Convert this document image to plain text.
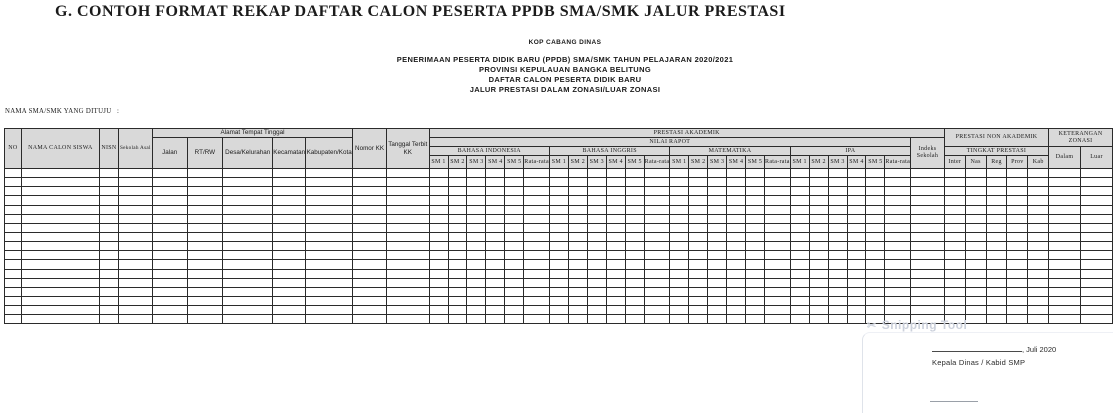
G. CONTOH FORMAT REKAP DAFTAR CALON PESERTA PPDB SMA/SMK JALUR PRESTASI
KOP CABANG DINAS
PENERIMAAN PESERTA DIDIK BARU (PPDB) SMA/SMK TAHUN PELAJARAN 2020/2021
PROVINSI KEPULAUAN BANGKA BELITUNG
DAFTAR CALON PESERTA DIDIK BARU
JALUR PRESTASI DALAM ZONASI/LUAR ZONASI
NAMA SMA/SMK YANG DITUJU :
NO	NAMA CALON SISWA	NISN	Sekolah Asal	Alamat Tempat Tinggal					Nomor KK	Tanggal Terbit KK	PRESTASI AKADEMIK																									PRESTASI NON AKADEMIK					KETERANGAN ZONASI	
				Jalan	RT/RW	Desa/Kelurahan	Kecamatan	Kabupaten/Kota			NILAI RAPOT																								Indeks Sekolah							
											BAHASA INDONESIA						BAHASA INGGRIS						MATEMATIKA						IPA							TINGKAT PRESTASI					Dalam	Luar
											SM 1	SM 2	SM 3	SM 4	SM 5	Rata-rata	SM 1	SM 2	SM 3	SM 4	SM 5	Rata-rata	SM 1	SM 2	SM 3	SM 4	SM 5	Rata-rata	SM 1	SM 2	SM 3	SM 4	SM 5	Rata-rata		Inter	Nas	Reg	Prov	Kab		

✂ Snipping Tool
, Juli 2020
Kepala Dinas / Kabid SMP
